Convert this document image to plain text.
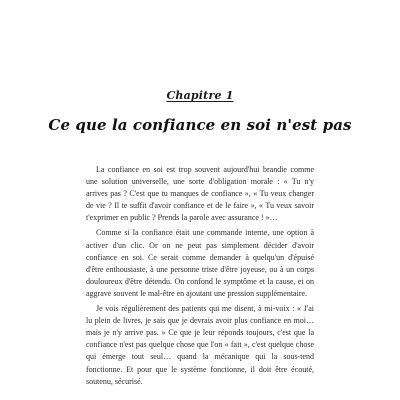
Chapitre 1
Ce que la confiance en soi n'est pas

La confiance en soi est trop souvent aujourd'hui brandie comme une solution universelle, une sorte d'obligation morale : « Tu n'y arrives pas ? C'est que tu manques de confiance », « Tu veux changer de vie ? Il te suffit d'avoir confiance et de le faire », « Tu veux savoir t'exprimer en public ? Prends la parole avec assurance ! »…

Comme si la confiance était une commande interne, une option à activer d'un clic. Or on ne peut pas simplement décider d'avoir confiance en soi. Ce serait comme demander à quelqu'un d'épuisé d'être enthousiaste, à une personne triste d'être joyeuse, ou à un corps douloureux d'être détendu. On confond le symptôme et la cause, et on aggrave souvent le mal-être en ajoutant une pression supplémentaire.

Je vois régulièrement des patients qui me disent, à mi-voix : « J'ai lu plein de livres, je sais que je devrais avoir plus confiance en moi… mais je n'y arrive pas. » Ce que je leur réponds toujours, c'est que la confiance n'est pas quelque chose que l'on « fait », c'est quelque chose qui émerge tout seul… quand la mécanique qui la sous-tend fonctionne. Et pour que le système fonctionne, il doit être écouté, soutenu, sécurisé.
